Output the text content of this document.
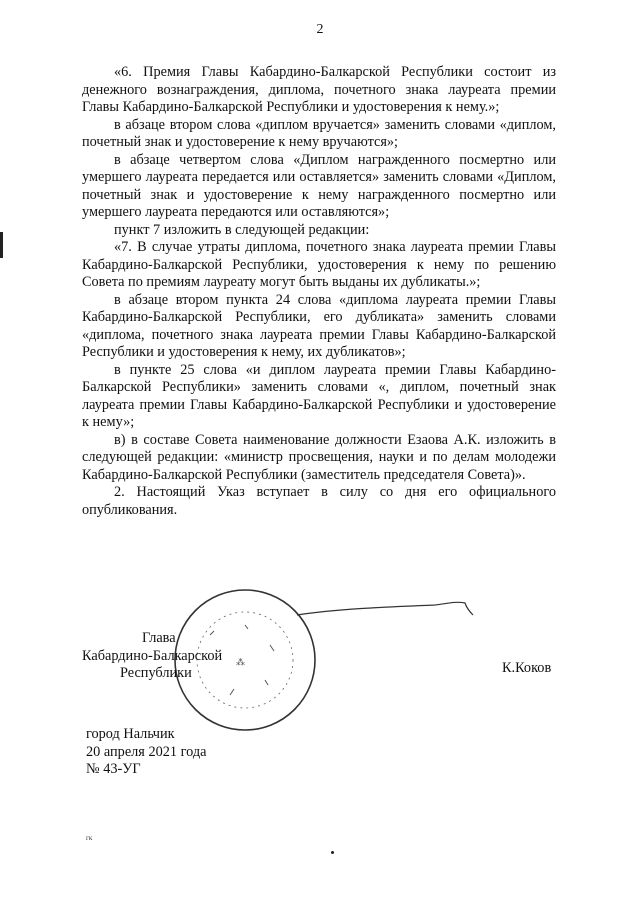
2

«6. Премия Главы Кабардино-Балкарской Республики состоит из денежного вознаграждения, диплома, почетного знака лауреата премии Главы Кабардино-Балкарской Республики и удостоверения к нему.»;

в абзаце втором слова «диплом вручается» заменить словами «диплом, почетный знак и удостоверение к нему вручаются»;

в абзаце четвертом слова «Диплом награжденного посмертно или умершего лауреата передается или оставляется» заменить словами «Диплом, почетный знак и удостоверение к нему награжденного посмертно или умершего лауреата передаются или оставляются»;

пункт 7 изложить в следующей редакции:

«7. В случае утраты диплома, почетного знака лауреата премии Главы Кабардино-Балкарской Республики, удостоверения к нему по решению Совета по премиям лауреату могут быть выданы их дубликаты.»;

в абзаце втором пункта 24 слова «диплома лауреата премии Главы Кабардино-Балкарской Республики, его дубликата» заменить словами «диплома, почетного знака лауреата премии Главы Кабардино-Балкарской Республики и удостоверения к нему, их дубликатов»;

в пункте 25 слова «и диплом лауреата премии Главы Кабардино-Балкарской Республики» заменить словами «, диплом, почетный знак лауреата премии Главы Кабардино-Балкарской Республики и удостоверение к нему»;

в) в составе Совета наименование должности Езаова А.К. изложить в следующей редакции: «министр просвещения, науки и по делам молодежи Кабардино-Балкарской Республики (заместитель председателя Совета)».

2. Настоящий Указ вступает в силу со дня его официального опубликования.

⁂
Глава
Кабардино-Балкарской
Республики	К.Коков
город Нальчик
20 апреля 2021 года
№ 43-УГ
гк
